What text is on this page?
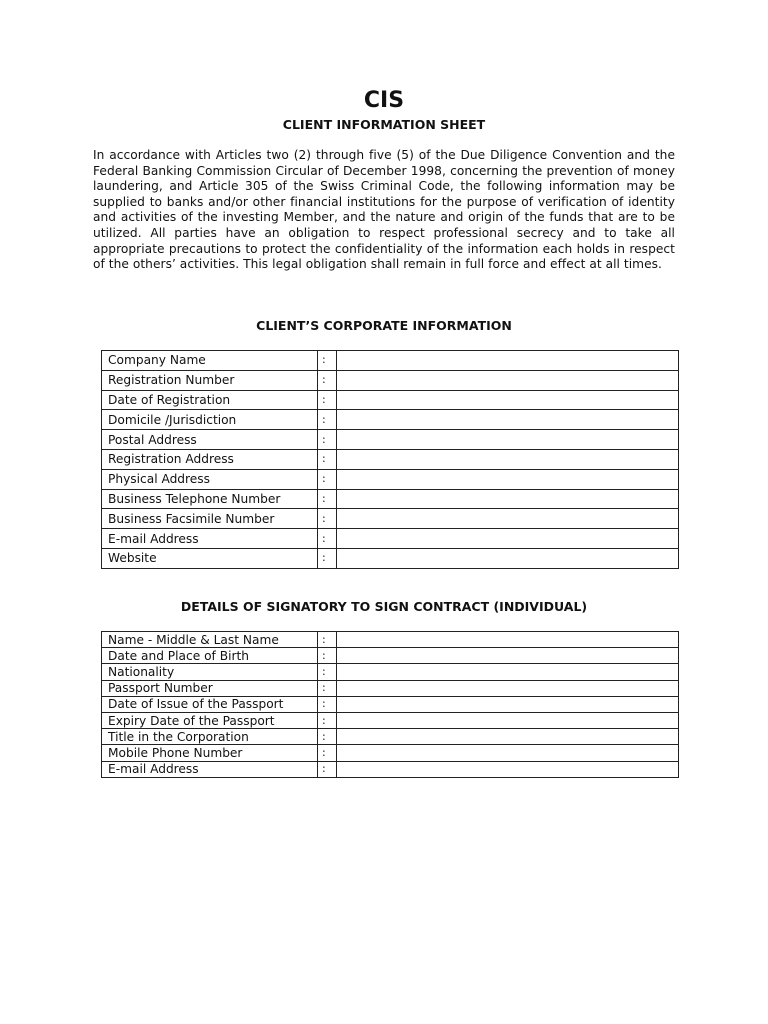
CIS
CLIENT INFORMATION SHEET

In accordance with Articles two (2) through five (5) of the Due Diligence Convention and the Federal Banking Commission Circular of December 1998, concerning the prevention of money laundering, and Article 305 of the Swiss Criminal Code, the following information may be supplied to banks and/or other financial institutions for the purpose of verification of identity and activities of the investing Member, and the nature and origin of the funds that are to be utilized. All parties have an obligation to respect professional secrecy and to take all appropriate precautions to protect the confidentiality of the information each holds in respect of the others’ activities. This legal obligation shall remain in full force and effect at all times.

CLIENT’S CORPORATE INFORMATION
Company Name	:	
Registration Number	:	
Date of Registration	:	
Domicile /Jurisdiction	:	
Postal Address	:	
Registration Address	:	
Physical Address	:	
Business Telephone Number	:	
Business Facsimile Number	:	
E-mail Address	:	
Website	:	
DETAILS OF SIGNATORY TO SIGN CONTRACT (INDIVIDUAL)
Name - Middle & Last Name	:	
Date and Place of Birth	:	
Nationality	:	
Passport Number	:	
Date of Issue of the Passport	:	
Expiry Date of the Passport	:	
Title in the Corporation	:	
Mobile Phone Number	:	
E-mail Address	:	
